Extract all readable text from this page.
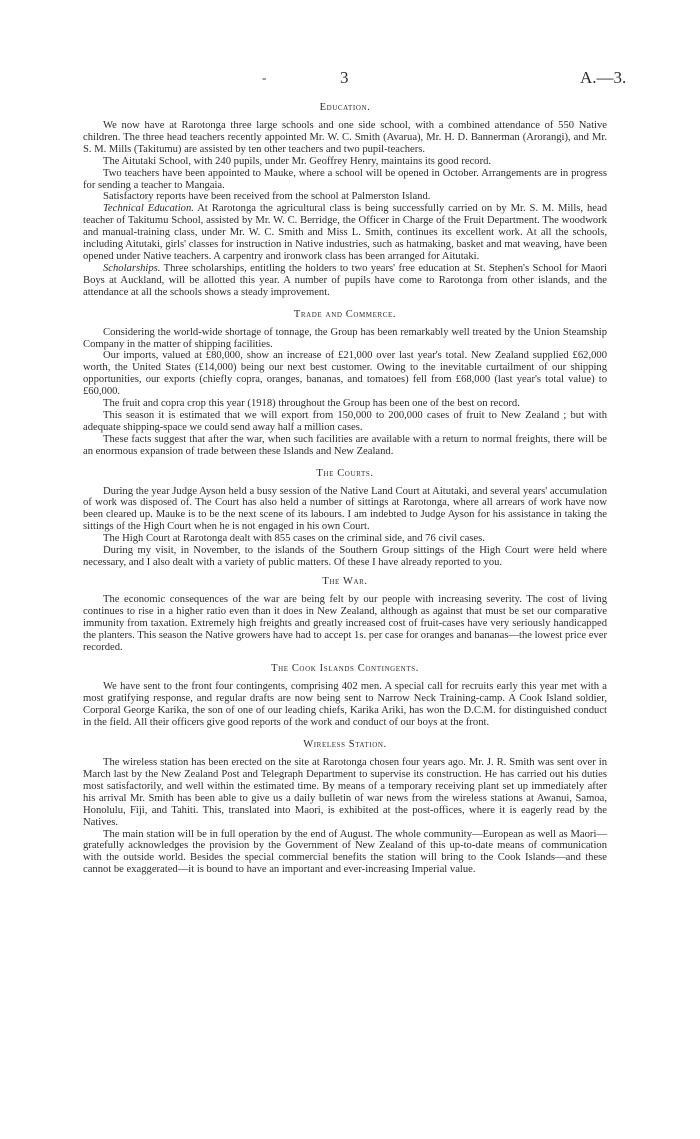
-	3	A.—3.

Education.

We now have at Rarotonga three large schools and one side school, with a combined attendance of 550 Native children. The three head teachers recently appointed Mr. W. C. Smith (Avarua), Mr. H. D. Bannerman (Arorangi), and Mr. S. M. Mills (Takitumu) are assisted by ten other teachers and two pupil-teachers.

The Aitutaki School, with 240 pupils, under Mr. Geoffrey Henry, maintains its good record.

Two teachers have been appointed to Mauke, where a school will be opened in October. Arrangements are in progress for sending a teacher to Mangaia.

Satisfactory reports have been received from the school at Palmerston Island.

Technical Education. At Rarotonga the agricultural class is being successfully carried on by Mr. S. M. Mills, head teacher of Takitumu School, assisted by Mr. W. C. Berridge, the Officer in Charge of the Fruit Department. The woodwork and manual-training class, under Mr. W. C. Smith and Miss L. Smith, continues its excellent work. At all the schools, including Aitutaki, girls' classes for instruction in Native industries, such as hatmaking, basket and mat weaving, have been opened under Native teachers. A carpentry and ironwork class has been arranged for Aitutaki.

Scholarships. Three scholarships, entitling the holders to two years' free education at St. Stephen's School for Maori Boys at Auckland, will be allotted this year. A number of pupils have come to Rarotonga from other islands, and the attendance at all the schools shows a steady improvement.

Trade and Commerce.

Considering the world-wide shortage of tonnage, the Group has been remarkably well treated by the Union Steamship Company in the matter of shipping facilities.

Our imports, valued at £80,000, show an increase of £21,000 over last year's total. New Zealand supplied £62,000 worth, the United States (£14,000) being our next best customer. Owing to the inevitable curtailment of our shipping opportunities, our exports (chiefly copra, oranges, bananas, and tomatoes) fell from £68,000 (last year's total value) to £60,000.

The fruit and copra crop this year (1918) throughout the Group has been one of the best on record.

This season it is estimated that we will export from 150,000 to 200,000 cases of fruit to New Zealand ; but with adequate shipping-space we could send away half a million cases.

These facts suggest that after the war, when such facilities are available with a return to normal freights, there will be an enormous expansion of trade between these Islands and New Zealand.

The Courts.

During the year Judge Ayson held a busy session of the Native Land Court at Aitutaki, and several years' accumulation of work was disposed of. The Court has also held a number of sittings at Rarotonga, where all arrears of work have now been cleared up. Mauke is to be the next scene of its labours. I am indebted to Judge Ayson for his assistance in taking the sittings of the High Court when he is not engaged in his own Court.

The High Court at Rarotonga dealt with 855 cases on the criminal side, and 76 civil cases.

During my visit, in November, to the islands of the Southern Group sittings of the High Court were held where necessary, and I also dealt with a variety of public matters. Of these I have already reported to you.

The War.

The economic consequences of the war are being felt by our people with increasing severity. The cost of living continues to rise in a higher ratio even than it does in New Zealand, although as against that must be set our comparative immunity from taxation. Extremely high freights and greatly increased cost of fruit-cases have very seriously handicapped the planters. This season the Native growers have had to accept 1s. per case for oranges and bananas—the lowest price ever recorded.

The Cook Islands Contingents.

We have sent to the front four contingents, comprising 402 men. A special call for recruits early this year met with a most gratifying response, and regular drafts are now being sent to Narrow Neck Training-camp. A Cook Island soldier, Corporal George Karika, the son of one of our leading chiefs, Karika Ariki, has won the D.C.M. for distinguished conduct in the field. All their officers give good reports of the work and conduct of our boys at the front.

Wireless Station.

The wireless station has been erected on the site at Rarotonga chosen four years ago. Mr. J. R. Smith was sent over in March last by the New Zealand Post and Telegraph Department to supervise its construction. He has carried out his duties most satisfactorily, and well within the estimated time. By means of a temporary receiving plant set up immediately after his arrival Mr. Smith has been able to give us a daily bulletin of war news from the wireless stations at Awanui, Samoa, Honolulu, Fiji, and Tahiti. This, translated into Maori, is exhibited at the post-offices, where it is eagerly read by the Natives.

The main station will be in full operation by the end of August. The whole community—European as well as Maori—gratefully acknowledges the provision by the Government of New Zealand of this up-to-date means of communication with the outside world. Besides the special commercial benefits the station will bring to the Cook Islands—and these cannot be exaggerated—it is bound to have an important and ever-increasing Imperial value.
